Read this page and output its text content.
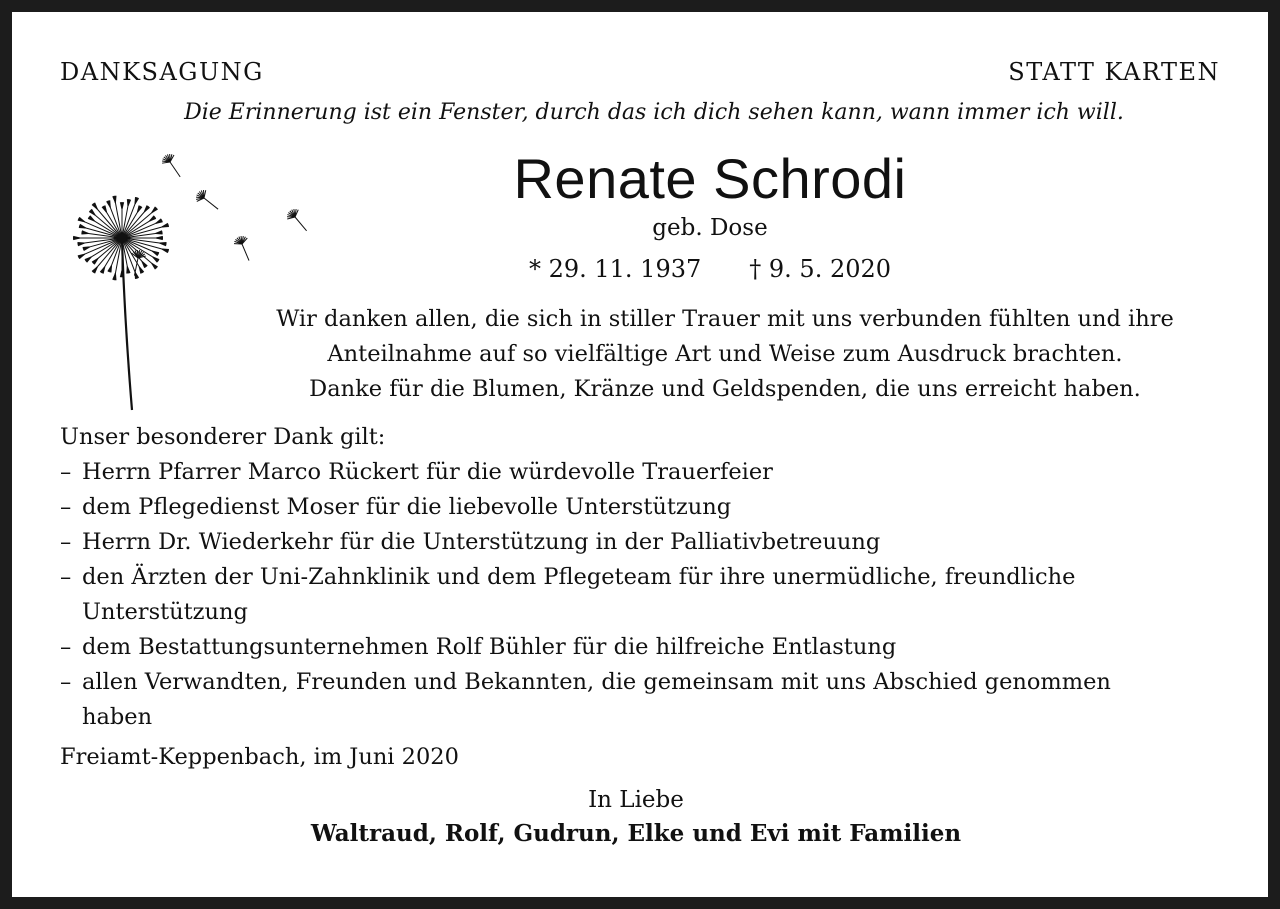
DANKSAGUNG	STATT KARTEN
Die Erinnerung ist ein Fenster, durch das ich dich sehen kann, wann immer ich will.
Renate Schrodi
geb. Dose
* 29. 11. 1937 † 9. 5. 2020
Wir danken allen, die sich in stiller Trauer mit uns verbunden fühlten und ihre
Anteilnahme auf so vielfältige Art und Weise zum Ausdruck brachten.
Danke für die Blumen, Kränze und Geldspenden, die uns erreicht haben.
Unser besonderer Dank gilt:
– Herrn Pfarrer Marco Rückert für die würdevolle Trauerfeier
– dem Pflegedienst Moser für die liebevolle Unterstützung
– Herrn Dr. Wiederkehr für die Unterstützung in der Palliativbetreuung
– den Ärzten der Uni-Zahnklinik und dem Pflegeteam für ihre unermüdliche, freundliche
Unterstützung
– dem Bestattungsunternehmen Rolf Bühler für die hilfreiche Entlastung
– allen Verwandten, Freunden und Bekannten, die gemeinsam mit uns Abschied genommen
haben
Freiamt-Keppenbach, im Juni 2020
In Liebe
Waltraud, Rolf, Gudrun, Elke und Evi mit Familien
